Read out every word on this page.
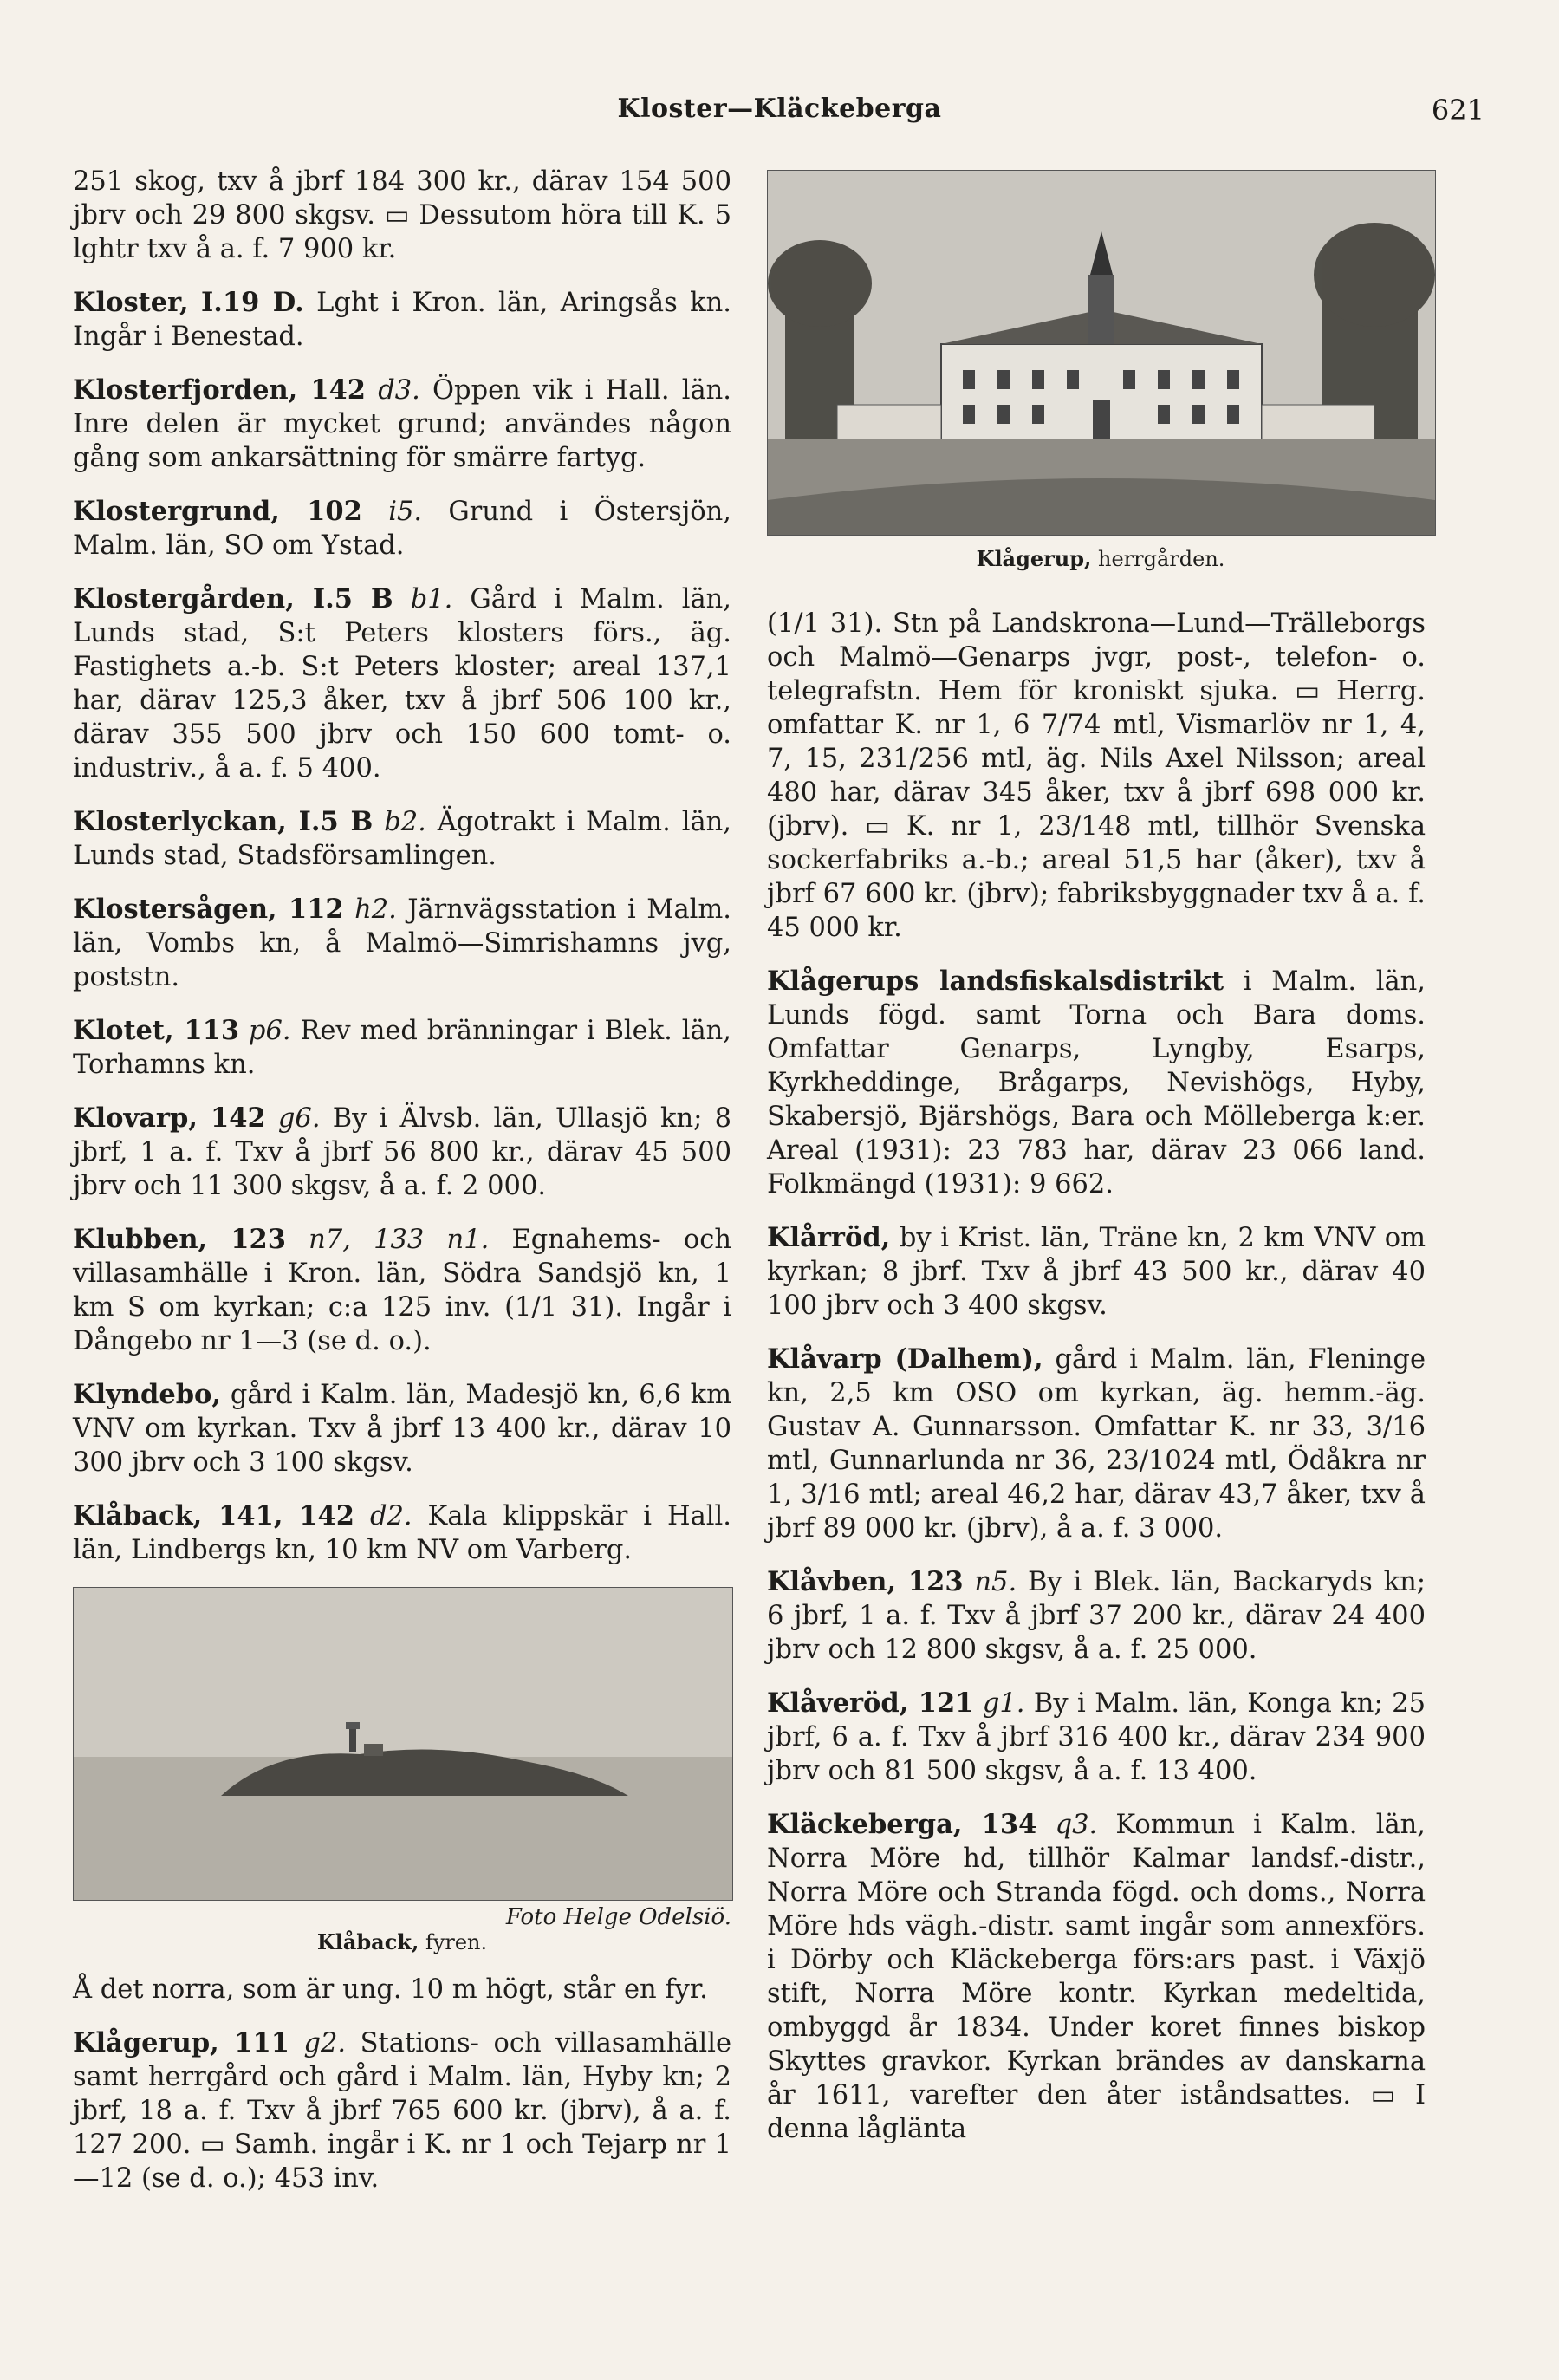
Kloster—Kläckeberga	621
Klågerup, herrgården.

251 skog, txv å jbrf 184 300 kr., därav 154 500 jbrv och 29 800 skgsv. ▭ Dessutom höra till K. 5 lghtr txv å a. f. 7 900 kr.

Kloster, I.19 D. Lght i Kron. län, Aringsås kn. Ingår i Benestad.

Klosterfjorden, 142 d3. Öppen vik i Hall. län. Inre delen är mycket grund; användes någon gång som ankarsättning för smärre fartyg.

Klostergrund, 102 i5. Grund i Östersjön, Malm. län, SO om Ystad.

Klostergården, I.5 B b1. Gård i Malm. län, Lunds stad, S:t Peters klosters förs., äg. Fastighets a.-b. S:t Peters kloster; areal 137,1 har, därav 125,3 åker, txv å jbrf 506 100 kr., därav 355 500 jbrv och 150 600 tomt- o. industriv., å a. f. 5 400.

Klosterlyckan, I.5 B b2. Ägotrakt i Malm. län, Lunds stad, Stadsförsamlingen.

Klostersågen, 112 h2. Järnvägsstation i Malm. län, Vombs kn, å Malmö—Simrishamns jvg, poststn.

Klotet, 113 p6. Rev med bränningar i Blek. län, Torhamns kn.

Klovarp, 142 g6. By i Älvsb. län, Ullasjö kn; 8 jbrf, 1 a. f. Txv å jbrf 56 800 kr., därav 45 500 jbrv och 11 300 skgsv, å a. f. 2 000.

Klubben, 123 n7, 133 n1. Egnahems- och villasamhälle i Kron. län, Södra Sandsjö kn, 1 km S om kyrkan; c:a 125 inv. (1/1 31). Ingår i Dångebo nr 1—3 (se d. o.).

Klyndebo, gård i Kalm. län, Madesjö kn, 6,6 km VNV om kyrkan. Txv å jbrf 13 400 kr., därav 10 300 jbrv och 3 100 skgsv.

Klåback, 141, 142 d2. Kala klippskär i Hall. län, Lindbergs kn, 10 km NV om Varberg.

Foto Helge Odelsiö.
Klåback, fyren.

Å det norra, som är ung. 10 m högt, står en fyr.

Klågerup, 111 g2. Stations- och villasamhälle samt herrgård och gård i Malm. län, Hyby kn; 2 jbrf, 18 a. f. Txv å jbrf 765 600 kr. (jbrv), å a. f. 127 200. ▭ Samh. ingår i K. nr 1 och Tejarp nr 1—12 (se d. o.); 453 inv.

(1/1 31). Stn på Landskrona—Lund—Trälleborgs och Malmö—Genarps jvgr, post-, telefon- o. telegrafstn. Hem för kroniskt sjuka. ▭ Herrg. omfattar K. nr 1, 6 7/74 mtl, Vismarlöv nr 1, 4, 7, 15, 231/256 mtl, äg. Nils Axel Nilsson; areal 480 har, därav 345 åker, txv å jbrf 698 000 kr. (jbrv). ▭ K. nr 1, 23/148 mtl, tillhör Svenska sockerfabriks a.-b.; areal 51,5 har (åker), txv å jbrf 67 600 kr. (jbrv); fabriksbyggnader txv å a. f. 45 000 kr.

Klågerups landsfiskalsdistrikt i Malm. län, Lunds fögd. samt Torna och Bara doms. Omfattar Genarps, Lyngby, Esarps, Kyrkheddinge, Brågarps, Nevishögs, Hyby, Skabersjö, Bjärshögs, Bara och Mölleberga k:er. Areal (1931): 23 783 har, därav 23 066 land. Folkmängd (1931): 9 662.

Klårröd, by i Krist. län, Träne kn, 2 km VNV om kyrkan; 8 jbrf. Txv å jbrf 43 500 kr., därav 40 100 jbrv och 3 400 skgsv.

Klåvarp (Dalhem), gård i Malm. län, Fleninge kn, 2,5 km OSO om kyrkan, äg. hemm.-äg. Gustav A. Gunnarsson. Omfattar K. nr 33, 3/16 mtl, Gunnarlunda nr 36, 23/1024 mtl, Ödåkra nr 1, 3/16 mtl; areal 46,2 har, därav 43,7 åker, txv å jbrf 89 000 kr. (jbrv), å a. f. 3 000.

Klåvben, 123 n5. By i Blek. län, Backaryds kn; 6 jbrf, 1 a. f. Txv å jbrf 37 200 kr., därav 24 400 jbrv och 12 800 skgsv, å a. f. 25 000.

Klåveröd, 121 g1. By i Malm. län, Konga kn; 25 jbrf, 6 a. f. Txv å jbrf 316 400 kr., därav 234 900 jbrv och 81 500 skgsv, å a. f. 13 400.

Kläckeberga, 134 q3. Kommun i Kalm. län, Norra Möre hd, tillhör Kalmar landsf.-distr., Norra Möre och Stranda fögd. och doms., Norra Möre hds vägh.-distr. samt ingår som annexförs. i Dörby och Kläckeberga förs:ars past. i Växjö stift, Norra Möre kontr. Kyrkan medeltida, ombyggd år 1834. Under koret finnes biskop Skyttes gravkor. Kyrkan brändes av danskarna år 1611, varefter den åter iståndsattes. ▭ I denna låglänta
